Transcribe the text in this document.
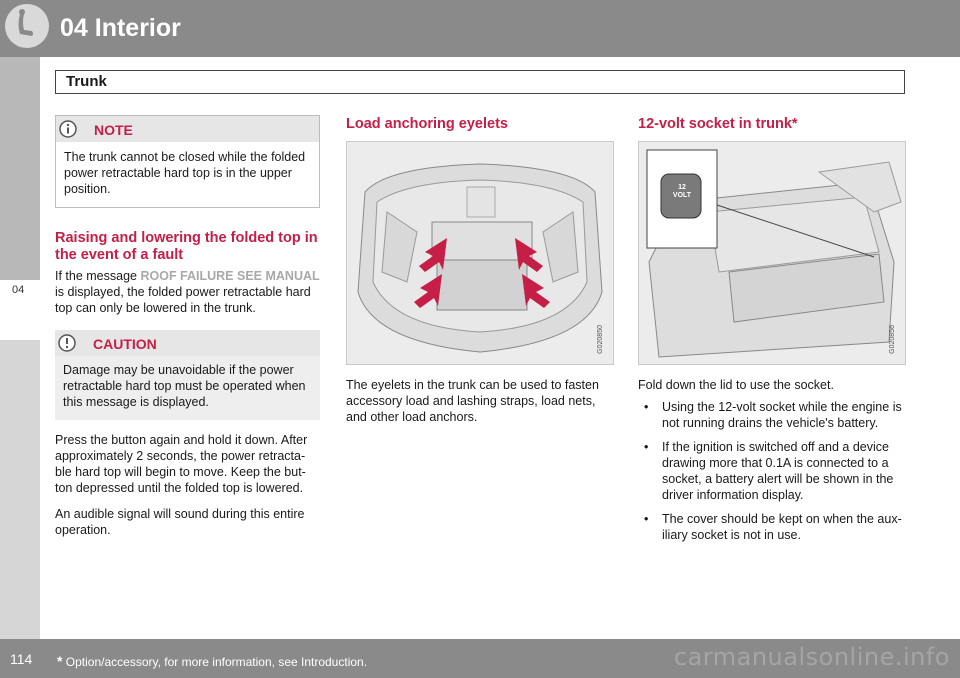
04 Interior
04
Trunk
NOTE
The trunk cannot be closed while the folded power retractable hard top is in the upper position.
Raising and lowering the folded top in the event of a fault

If the message ROOF FAILURE SEE MANUAL is displayed, the folded power retractable hard top can only be lowered in the trunk.

CAUTION
Damage may be unavoidable if the power retractable hard top must be operated when this message is displayed.

Press the button again and hold it down. After approximately 2 seconds, the power retracta-ble hard top will begin to move. Keep the but-ton depressed until the folded top is lowered.

An audible signal will sound during this entire operation.

Load anchoring eyelets
G020850

The eyelets in the trunk can be used to fasten accessory load and lashing straps, load nets, and other load anchors.

12-volt socket in trunk*
12 VOLT
G020856

Fold down the lid to use the socket.

• Using the 12-volt socket while the engine is not running drains the vehicle's battery.
• If the ignition is switched off and a device drawing more that 0.1A is connected to a socket, a battery alert will be shown in the driver information display.
• The cover should be kept on when the aux-iliary socket is not in use.
114 * Option/accessory, for more information, see Introduction.	carmanualsonline.info
